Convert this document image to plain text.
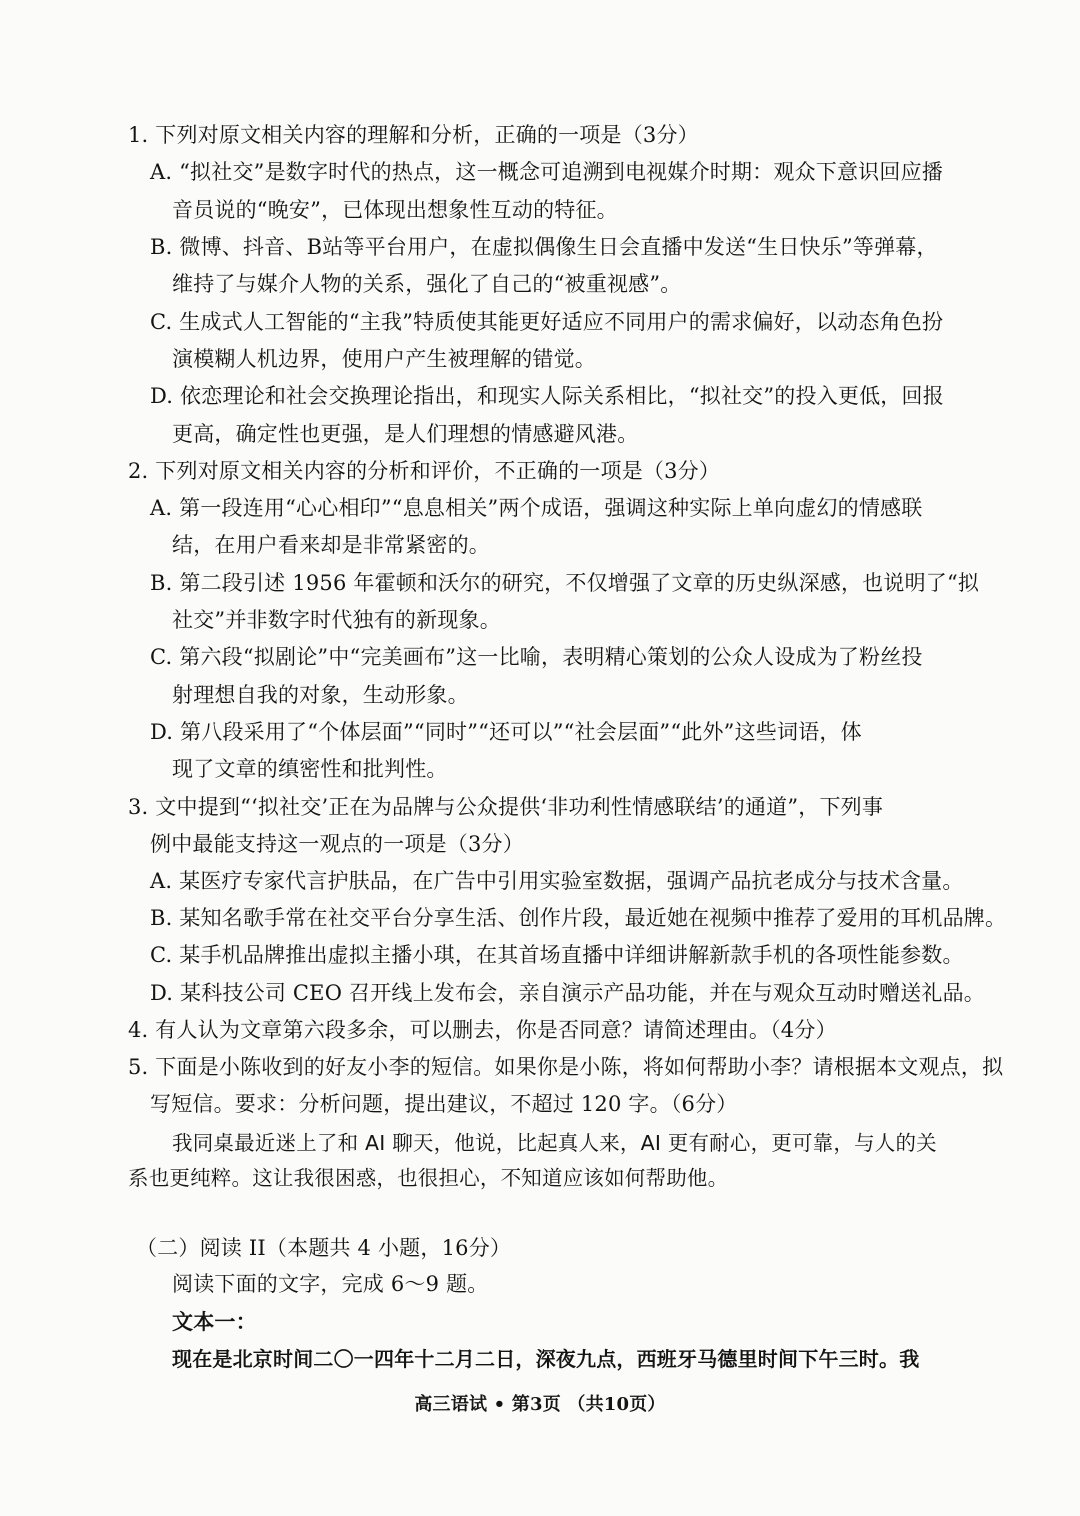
1. 下列对原文相关内容的理解和分析，正确的一项是（3分）
A. “拟社交”是数字时代的热点，这一概念可追溯到电视媒介时期：观众下意识回应播
音员说的“晚安”，已体现出想象性互动的特征。
B. 微博、抖音、B站等平台用户，在虚拟偶像生日会直播中发送“生日快乐”等弹幕，
维持了与媒介人物的关系，强化了自己的“被重视感”。
C. 生成式人工智能的“主我”特质使其能更好适应不同用户的需求偏好，以动态角色扮
演模糊人机边界，使用户产生被理解的错觉。
D. 依恋理论和社会交换理论指出，和现实人际关系相比，“拟社交”的投入更低，回报
更高，确定性也更强，是人们理想的情感避风港。
2. 下列对原文相关内容的分析和评价，不正确的一项是（3分）
A. 第一段连用“心心相印”“息息相关”两个成语，强调这种实际上单向虚幻的情感联
结，在用户看来却是非常紧密的。
B. 第二段引述 1956 年霍顿和沃尔的研究，不仅增强了文章的历史纵深感，也说明了“拟
社交”并非数字时代独有的新现象。
C. 第六段“拟剧论”中“完美画布”这一比喻，表明精心策划的公众人设成为了粉丝投
射理想自我的对象，生动形象。
D. 第八段采用了“个体层面”“同时”“还可以”“社会层面”“此外”这些词语，体
现了文章的缜密性和批判性。
3. 文中提到“‘拟社交’正在为品牌与公众提供‘非功利性情感联结’的通道”，下列事
例中最能支持这一观点的一项是（3分）
A. 某医疗专家代言护肤品，在广告中引用实验室数据，强调产品抗老成分与技术含量。
B. 某知名歌手常在社交平台分享生活、创作片段，最近她在视频中推荐了爱用的耳机品牌。
C. 某手机品牌推出虚拟主播小琪，在其首场直播中详细讲解新款手机的各项性能参数。
D. 某科技公司 CEO 召开线上发布会，亲自演示产品功能，并在与观众互动时赠送礼品。
4. 有人认为文章第六段多余，可以删去，你是否同意？请简述理由。（4分）
5. 下面是小陈收到的好友小李的短信。如果你是小陈，将如何帮助小李？请根据本文观点，拟
写短信。要求：分析问题，提出建议，不超过 120 字。（6分）
我同桌最近迷上了和 AI 聊天，他说，比起真人来，AI 更有耐心，更可靠，与人的关
系也更纯粹。这让我很困惑，也很担心，不知道应该如何帮助他。
（二）阅读 II（本题共 4 小题，16分）
阅读下面的文字，完成 6～9 题。
文本一：
现在是北京时间二〇一四年十二月二日，深夜九点，西班牙马德里时间下午三时。我
高三语试 • 第3页 （共10页）
